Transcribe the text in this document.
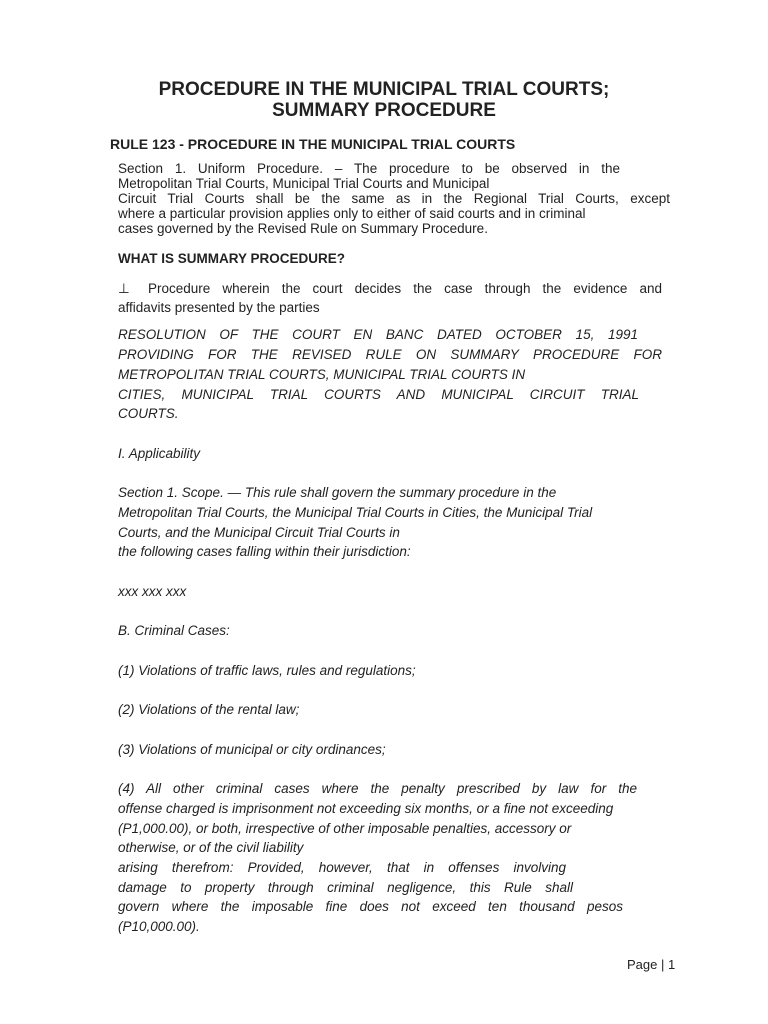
PROCEDURE IN THE MUNICIPAL TRIAL COURTS;
SUMMARY PROCEDURE
RULE 123 - PROCEDURE IN THE MUNICIPAL TRIAL COURTS
Section 1. Uniform Procedure. – The procedure to be observed in the
Metropolitan Trial Courts, Municipal Trial Courts and Municipal
Circuit Trial Courts shall be the same as in the Regional Trial Courts, except
where a particular provision applies only to either of said courts and in criminal
cases governed by the Revised Rule on Summary Procedure.
WHAT IS SUMMARY PROCEDURE?
⊥ Procedure wherein the court decides the case through the evidence and
affidavits presented by the parties
RESOLUTION OF THE COURT EN BANC DATED OCTOBER 15, 1991
PROVIDING FOR THE REVISED RULE ON SUMMARY PROCEDURE FOR
METROPOLITAN TRIAL COURTS, MUNICIPAL TRIAL COURTS IN
CITIES, MUNICIPAL TRIAL COURTS AND MUNICIPAL CIRCUIT TRIAL
COURTS.
I. Applicability
Section 1. Scope. — This rule shall govern the summary procedure in the
Metropolitan Trial Courts, the Municipal Trial Courts in Cities, the Municipal Trial
Courts, and the Municipal Circuit Trial Courts in
the following cases falling within their jurisdiction:
xxx xxx xxx
B. Criminal Cases:
(1) Violations of traffic laws, rules and regulations;
(2) Violations of the rental law;
(3) Violations of municipal or city ordinances;
(4) All other criminal cases where the penalty prescribed by law for the
offense charged is imprisonment not exceeding six months, or a fine not exceeding
(P1,000.00), or both, irrespective of other imposable penalties, accessory or
otherwise, or of the civil liability
arising therefrom: Provided, however, that in offenses involving
damage to property through criminal negligence, this Rule shall
govern where the imposable fine does not exceed ten thousand pesos
(P10,000.00).
Page | 1
